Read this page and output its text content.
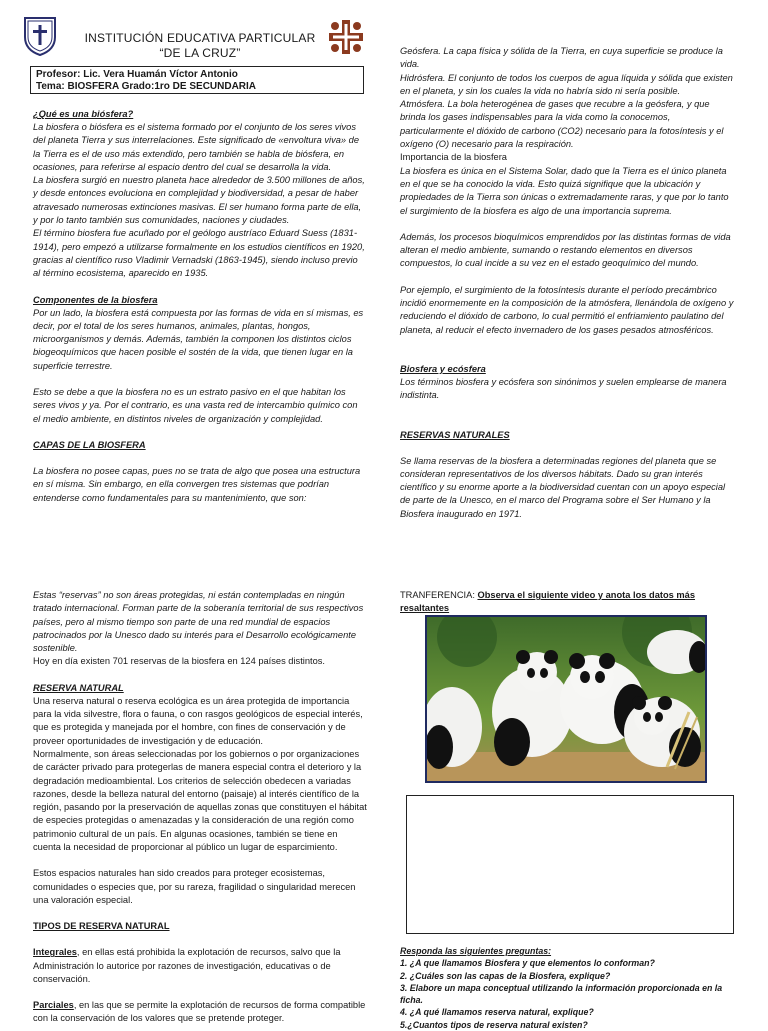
INSTITUCIÓN EDUCATIVA PARTICULAR
“DE LA CRUZ”
Profesor: Lic. Vera Huamán Víctor Antonio
Tema: BIOSFERA Grado:1ro DE SECUNDARIA
¿Qué es una biósfera?

La biosfera o biósfera es el sistema formado por el conjunto de los seres vivos del planeta Tierra y sus interrelaciones. Este significado de «envoltura viva» de la Tierra es el de uso más extendido, pero también se habla de biósfera, en ocasiones, para referirse al espacio dentro del cual se desarrolla la vida.

La biosfera surgió en nuestro planeta hace alrededor de 3.500 millones de años, y desde entonces evoluciona en complejidad y biodiversidad, a pesar de haber atravesado numerosas extinciones masivas. El ser humano forma parte de ella, y por lo tanto también sus comunidades, naciones y ciudades.

El término biosfera fue acuñado por el geólogo austríaco Eduard Suess (1831-1914), pero empezó a utilizarse formalmente en los estudios científicos en 1920, gracias al científico ruso Vladimir Vernadski (1863-1945), siendo incluso previo al término ecosistema, aparecido en 1935.

Componentes de la biosfera

Por un lado, la biosfera está compuesta por las formas de vida en sí mismas, es decir, por el total de los seres humanos, animales, plantas, hongos, microorganismos y demás. Además, también la componen los distintos ciclos biogeoquímicos que hacen posible el sostén de la vida, que tienen lugar en la superficie terrestre.

Esto se debe a que la biosfera no es un estrato pasivo en el que habitan los seres vivos y ya. Por el contrario, es una vasta red de intercambio químico con el medio ambiente, en distintos niveles de organización y complejidad.

CAPAS DE LA BIOSFERA

La biosfera no posee capas, pues no se trata de algo que posea una estructura en sí misma. Sin embargo, en ella convergen tres sistemas que podrían entenderse como fundamentales para su mantenimiento, que son:

Geósfera. La capa física y sólida de la Tierra, en cuya superficie se produce la vida.

Hidrósfera. El conjunto de todos los cuerpos de agua líquida y sólida que existen en el planeta, y sin los cuales la vida no habría sido ni sería posible.

Atmósfera. La bola heterogénea de gases que recubre a la geósfera, y que brinda los gases indispensables para la vida como la conocemos, particularmente el dióxido de carbono (CO2) necesario para la fotosíntesis y el oxígeno (O) necesario para la respiración.

Importancia de la biosfera

La biosfera es única en el Sistema Solar, dado que la Tierra es el único planeta en el que se ha conocido la vida. Esto quizá signifique que la ubicación y propiedades de la Tierra son únicas o extremadamente raras, y que por lo tanto el surgimiento de la biosfera es algo de una importancia suprema.

Además, los procesos bioquímicos emprendidos por las distintas formas de vida alteran el medio ambiente, sumando o restando elementos en diversos compuestos, lo cual incide a su vez en el estado geoquímico del mundo.

Por ejemplo, el surgimiento de la fotosíntesis durante el período precámbrico incidió enormemente en la composición de la atmósfera, llenándola de oxígeno y reduciendo el dióxido de carbono, lo cual permitió el enfriamiento paulatino del planeta, al reducir el efecto invernadero de los gases pesados atmosféricos.

Biosfera y ecósfera

Los términos biosfera y ecósfera son sinónimos y suelen emplearse de manera indistinta.

RESERVAS NATURALES

Se llama reservas de la biosfera a determinadas regiones del planeta que se consideran representativos de los diversos hábitats. Dado su gran interés científico y su enorme aporte a la biodiversidad cuentan con un apoyo especial de parte de la Unesco, en el marco del Programa sobre el Ser Humano y la Biosfera inaugurado en 1971.

Estas “reservas” no son áreas protegidas, ni están contempladas en ningún tratado internacional. Forman parte de la soberanía territorial de sus respectivos países, pero al mismo tiempo son parte de una red mundial de espacios patrocinados por la Unesco dado su interés para el Desarrollo ecológicamente sostenible.

Hoy en día existen 701 reservas de la biosfera en 124 países distintos.

RESERVA NATURAL

Una reserva natural o reserva ecológica es un área protegida de importancia para la vida silvestre, flora o fauna, o con rasgos geológicos de especial interés, que es protegida y manejada por el hombre, con fines de conservación y de proveer oportunidades de investigación y de educación.

Normalmente, son áreas seleccionadas por los gobiernos o por organizaciones de carácter privado para protegerlas de manera especial contra el deterioro y la degradación medioambiental. Los criterios de selección obedecen a variadas razones, desde la belleza natural del entorno (paisaje) al interés científico de la región, pasando por la preservación de aquellas zonas que constituyen el hábitat de especies protegidas o amenazadas y la consideración de una región como patrimonio cultural de un país. En algunas ocasiones, también se tiene en cuenta la necesidad de proporcionar al público un lugar de esparcimiento.

Estos espacios naturales han sido creados para proteger ecosistemas, comunidades o especies que, por su rareza, fragilidad o singularidad merecen una valoración especial.

TIPOS DE RESERVA NATURAL

Integrales, en ellas está prohibida la explotación de recursos, salvo que la Administración lo autorice por razones de investigación, educativas o de conservación.

Parciales, en las que se permite la explotación de recursos de forma compatible con la conservación de los valores que se pretende proteger.

TRANFERENCIA: Observa el siguiente video y anota los datos más resaltantes
Responda las siguientes preguntas:
1. ¿A que llamamos Biosfera y que elementos lo conforman?
2. ¿Cuáles son las capas de la Biosfera, explique?
3. Elabore un mapa conceptual utilizando la información proporcionada en la ficha.
4. ¿A qué llamamos reserva natural, explique?
5.¿Cuantos tipos de reserva natural existen?
